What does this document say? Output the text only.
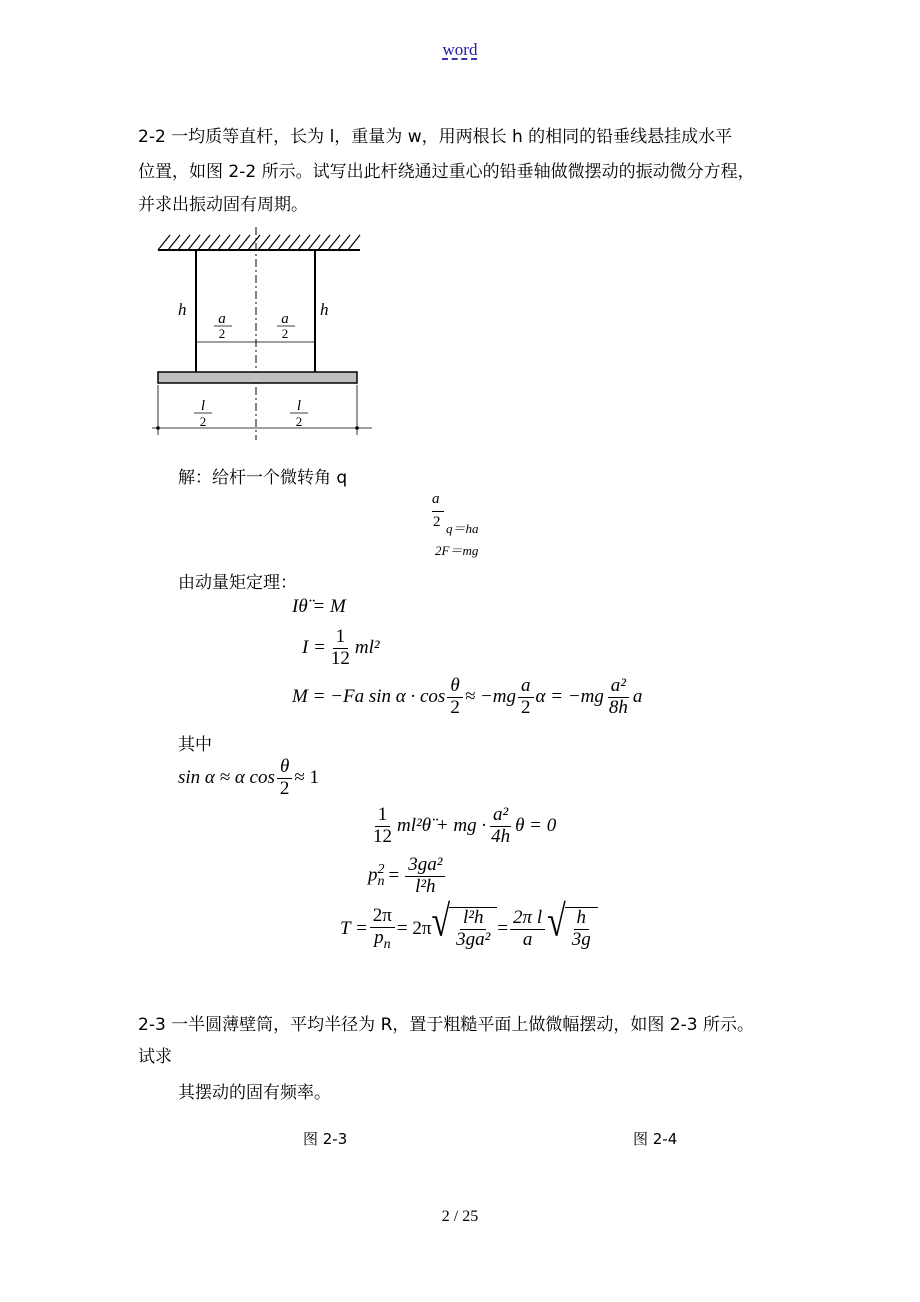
word
2-2 一均质等直杆，长为 l，重量为 w，用两根长 h 的相同的铅垂线悬挂成水平
位置，如图 2-2 所示。试写出此杆绕通过重心的铅垂轴做微摆动的振动微分方程，
并求出振动固有周期。
h	h
a
2
a
2
l
2
l
2
解：给杆一个微转角 q
a
2 q＝ha
2F＝mg
由动量矩定理：
Iθ̈ = M
$I = \frac{1}{12} ml^2$
M = −Fa $\sin \alpha \cdot \cos \frac{\theta}{2} \approx -mg \frac{a}{2}$ $\alpha = -mg \frac{\text{a²}}{8h}$ a
其中
sin α ≈ α $\cos \frac{\theta}{2} \approx 1$
$\frac{1}{12}$ ml²θ̈ + mg · $\frac{\text{a²}}{4h}$ θ = 0
$p^2_n = \frac{\text{3ga²}}{\text{l²h}}$
$T = \frac{2\pi}{p_n} = 2\pi$ √ $\frac{\text{l²h}}{\text{3ga²}} = \frac{\text{2π l}}{a}$ √ $\frac{h}{3g}$
2-3 一半圆薄壁筒，平均半径为 R，置于粗糙平面上做微幅摆动，如图 2-3 所示。
试求
其摆动的固有频率。
图 2-3	图 2-4
2 / 25
